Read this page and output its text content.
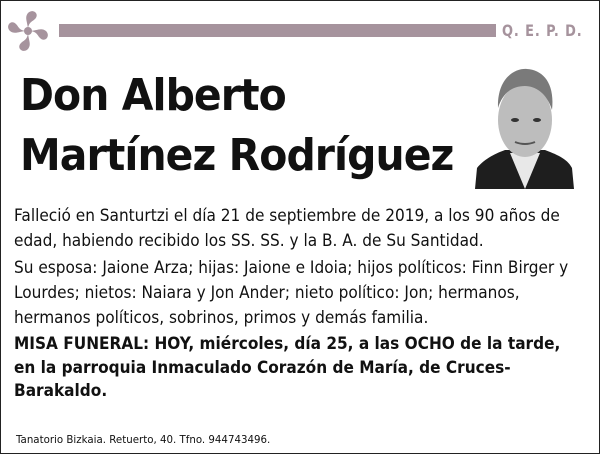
Q. E. P. D.
Don Alberto
Martínez Rodríguez

Falleció en Santurtzi el día 21 de septiembre de 2019, a los 90 años de edad, habiendo recibido los SS. SS. y la B. A. de Su Santidad.

Su esposa: Jaione Arza; hijas: Jaione e Idoia; hijos políticos: Finn Birger y Lourdes; nietos: Naiara y Jon Ander; nieto político: Jon; hermanos, hermanos políticos, sobrinos, primos y demás familia.

MISA FUNERAL: HOY, miércoles, día 25, a las OCHO de la tarde, en la parroquia Inmaculado Corazón de María, de Cruces-Barakaldo.

Tanatorio Bizkaia. Retuerto, 40. Tfno. 944743496.
